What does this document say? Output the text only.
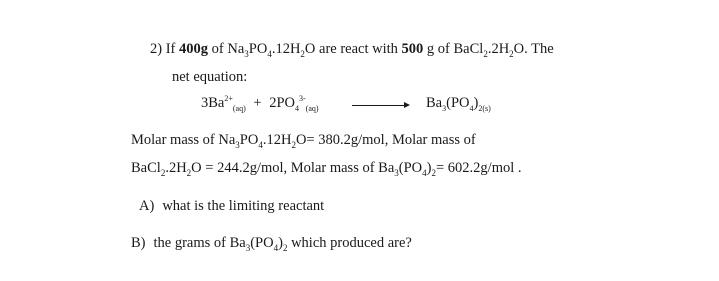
2) If 400g of $Na_3PO_4.12H_2O$ are react with 500 g of $BaCl_2.2H_2O$. The
net equation:
$3Ba^{2+}_{(aq)} + 2PO_4^{3-}_{(aq)}$	$Ba_3(PO_4)_{2(s)}$
Molar mass of $Na_3PO_4.12H_2O= 380.2g/mol$, Molar mass of
$BaCl_2.2H_2O = 244.2g/mol$, Molar mass of $Ba_3(PO_4)_2= 602.2g/mol$ .
A) what is the limiting reactant
B) the grams of $Ba_3(PO_4)_2$ which produced are?
